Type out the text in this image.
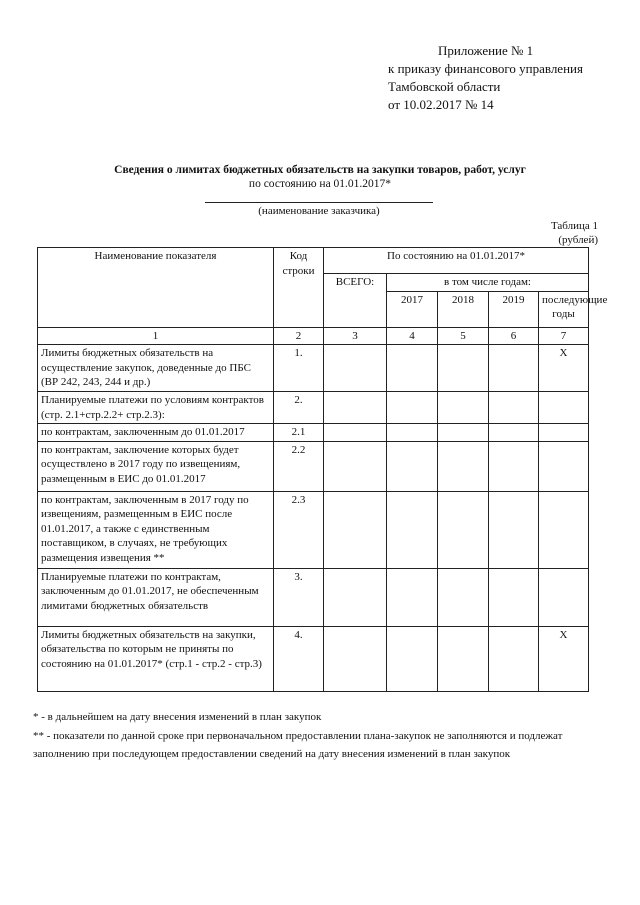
Приложение № 1
к приказу финансового управления
Тамбовской области
от 10.02.2017 № 14
Сведения о лимитах бюджетных обязательств на закупки товаров, работ, услуг
по состоянию на 01.01.2017*
(наименование заказчика)
Таблица 1
(рублей)
Наименование показателя	Код строки	По состоянию на 01.01.2017*				
		ВСЕГО:	в том числе годам:			
			2017	2018	2019	последующие годы
1	2	3	4	5	6	7
Лимиты бюджетных обязательств на осуществление закупок, доведенные до ПБС (ВР 242, 243, 244 и др.)	1.					X
Планируемые платежи по условиям контрактов (стр. 2.1+стр.2.2+ стр.2.3):	2.					
по контрактам, заключенным до 01.01.2017	2.1					
по контрактам, заключение которых будет осуществлено в 2017 году по извещениям, размещенным в ЕИС до 01.01.2017	2.2					
по контрактам, заключенным в 2017 году по извещениям, размещенным в ЕИС после 01.01.2017, а также с единственным поставщиком, в случаях, не требующих размещения извещения **	2.3					
Планируемые платежи по контрактам, заключенным до 01.01.2017, не обеспеченным лимитами бюджетных обязательств	3.					
Лимиты бюджетных обязательств на закупки, обязательства по которым не приняты по состоянию на 01.01.2017* (стр.1 - стр.2 - стр.3)	4.					X
* - в дальнейшем на дату внесения изменений в план закупок
** - показатели по данной сроке при первоначальном предоставлении плана-закупок не заполняются и подлежат заполнению при последующем предоставлении сведений на дату внесения изменений в план закупок
